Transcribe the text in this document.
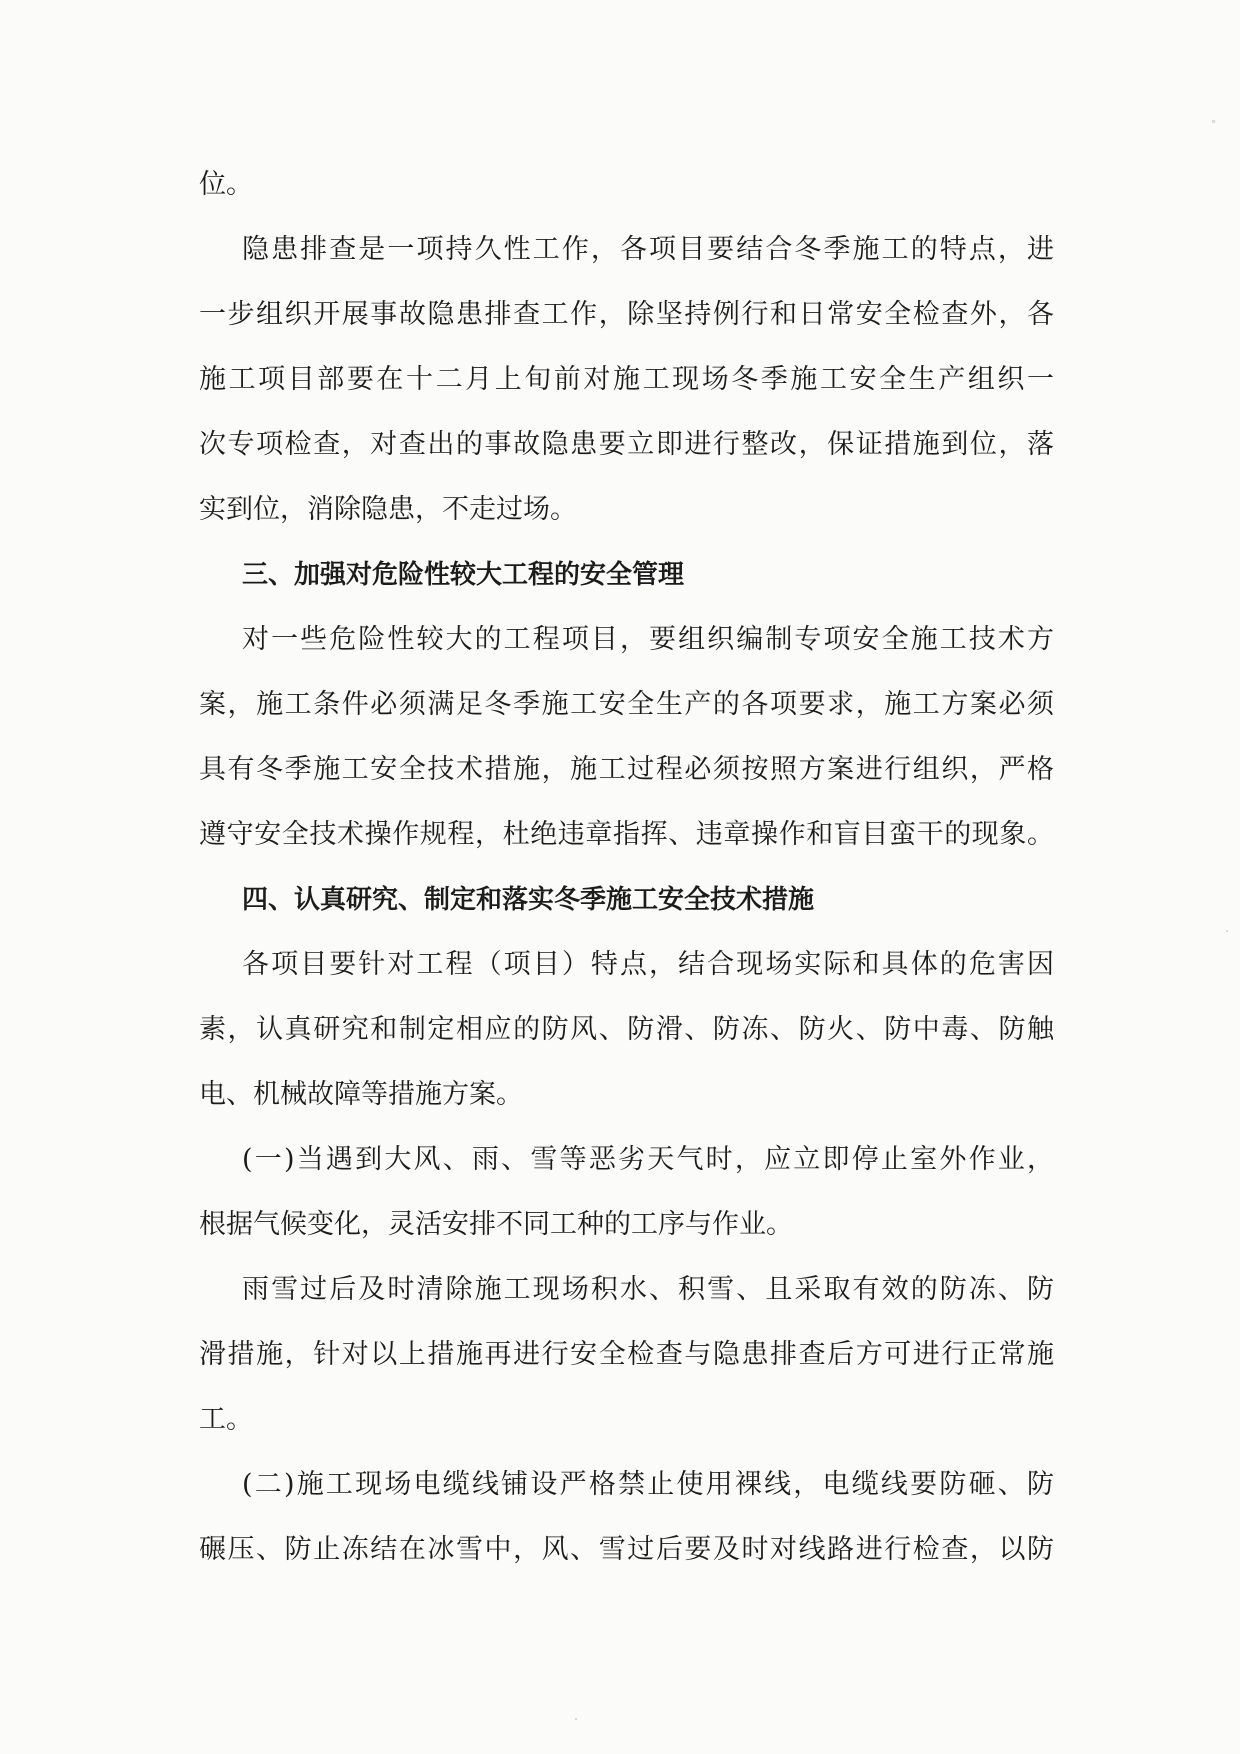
位。
隐患排查是一项持久性工作，各项目要结合冬季施工的特点，进
一步组织开展事故隐患排查工作，除坚持例行和日常安全检查外，各
施工项目部要在十二月上旬前对施工现场冬季施工安全生产组织一
次专项检查，对查出的事故隐患要立即进行整改，保证措施到位，落
实到位，消除隐患，不走过场。
三、加强对危险性较大工程的安全管理
对一些危险性较大的工程项目，要组织编制专项安全施工技术方
案，施工条件必须满足冬季施工安全生产的各项要求，施工方案必须
具有冬季施工安全技术措施，施工过程必须按照方案进行组织，严格
遵守安全技术操作规程，杜绝违章指挥、违章操作和盲目蛮干的现象。
四、认真研究、制定和落实冬季施工安全技术措施
各项目要针对工程（项目）特点，结合现场实际和具体的危害因
素，认真研究和制定相应的防风、防滑、防冻、防火、防中毒、防触
电、机械故障等措施方案。
(一)当遇到大风、雨、雪等恶劣天气时，应立即停止室外作业，
根据气候变化，灵活安排不同工种的工序与作业。
雨雪过后及时清除施工现场积水、积雪、且采取有效的防冻、防
滑措施，针对以上措施再进行安全检查与隐患排查后方可进行正常施
工。
(二)施工现场电缆线铺设严格禁止使用裸线，电缆线要防砸、防
碾压、防止冻结在冰雪中，风、雪过后要及时对线路进行检查，以防
